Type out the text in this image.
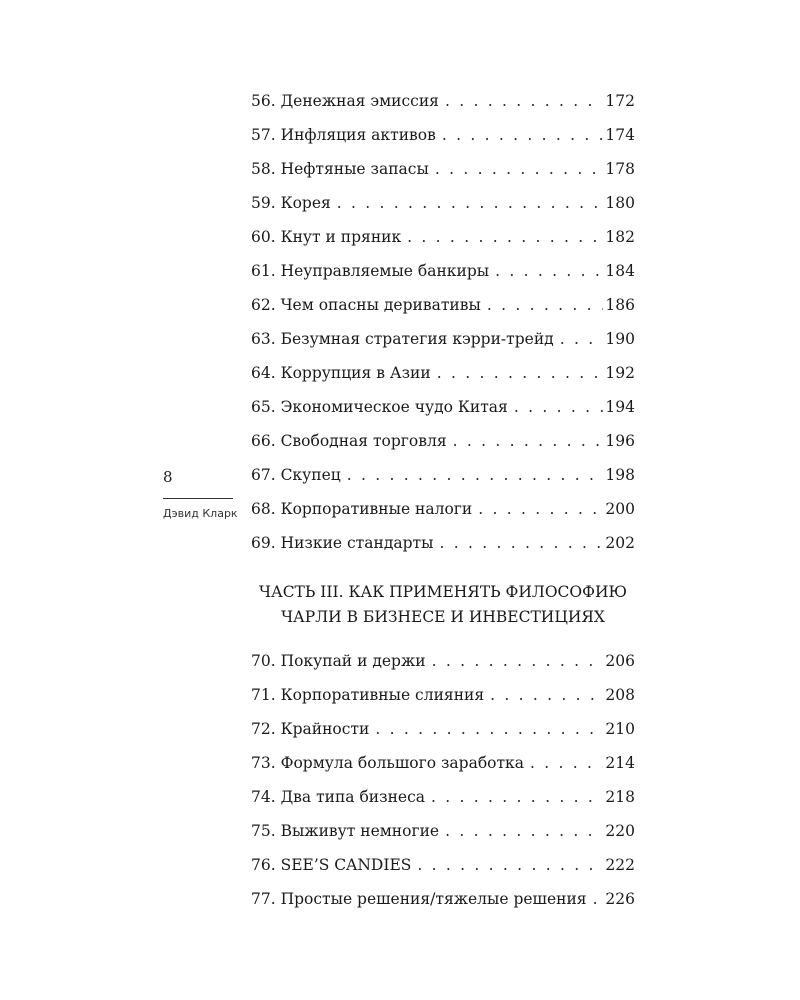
8
Дэвид Кларк
56. Денежная эмиссия . . .	172
57. Инфляция активов . . .	174
58. Нефтяные запасы . . .	178
59. Корея . . .	180
60. Кнут и пряник . . .	182
61. Неуправляемые банкиры . . .	184
62. Чем опасны деривативы . . .	186
63. Безумная стратегия кэрри-трейд . . .	190
64. Коррупция в Азии . . .	192
65. Экономическое чудо Китая . . .	194
66. Свободная торговля . . .	196
67. Скупец . . .	198
68. Корпоративные налоги . . .	200
69. Низкие стандарты . . .	202
ЧАСТЬ III. КАК ПРИМЕНЯТЬ ФИЛОСОФИЮ
ЧАРЛИ В БИЗНЕСЕ И ИНВЕСТИЦИЯХ
70. Покупай и держи . . .	206
71. Корпоративные слияния . . .	208
72. Крайности . . .	210
73. Формула большого заработка . . .	214
74. Два типа бизнеса . . .	218
75. Выживут немногие . . .	220
76. SEE’S CANDIES . . .	222
77. Простые решения/тяжелые решения . . . 226
